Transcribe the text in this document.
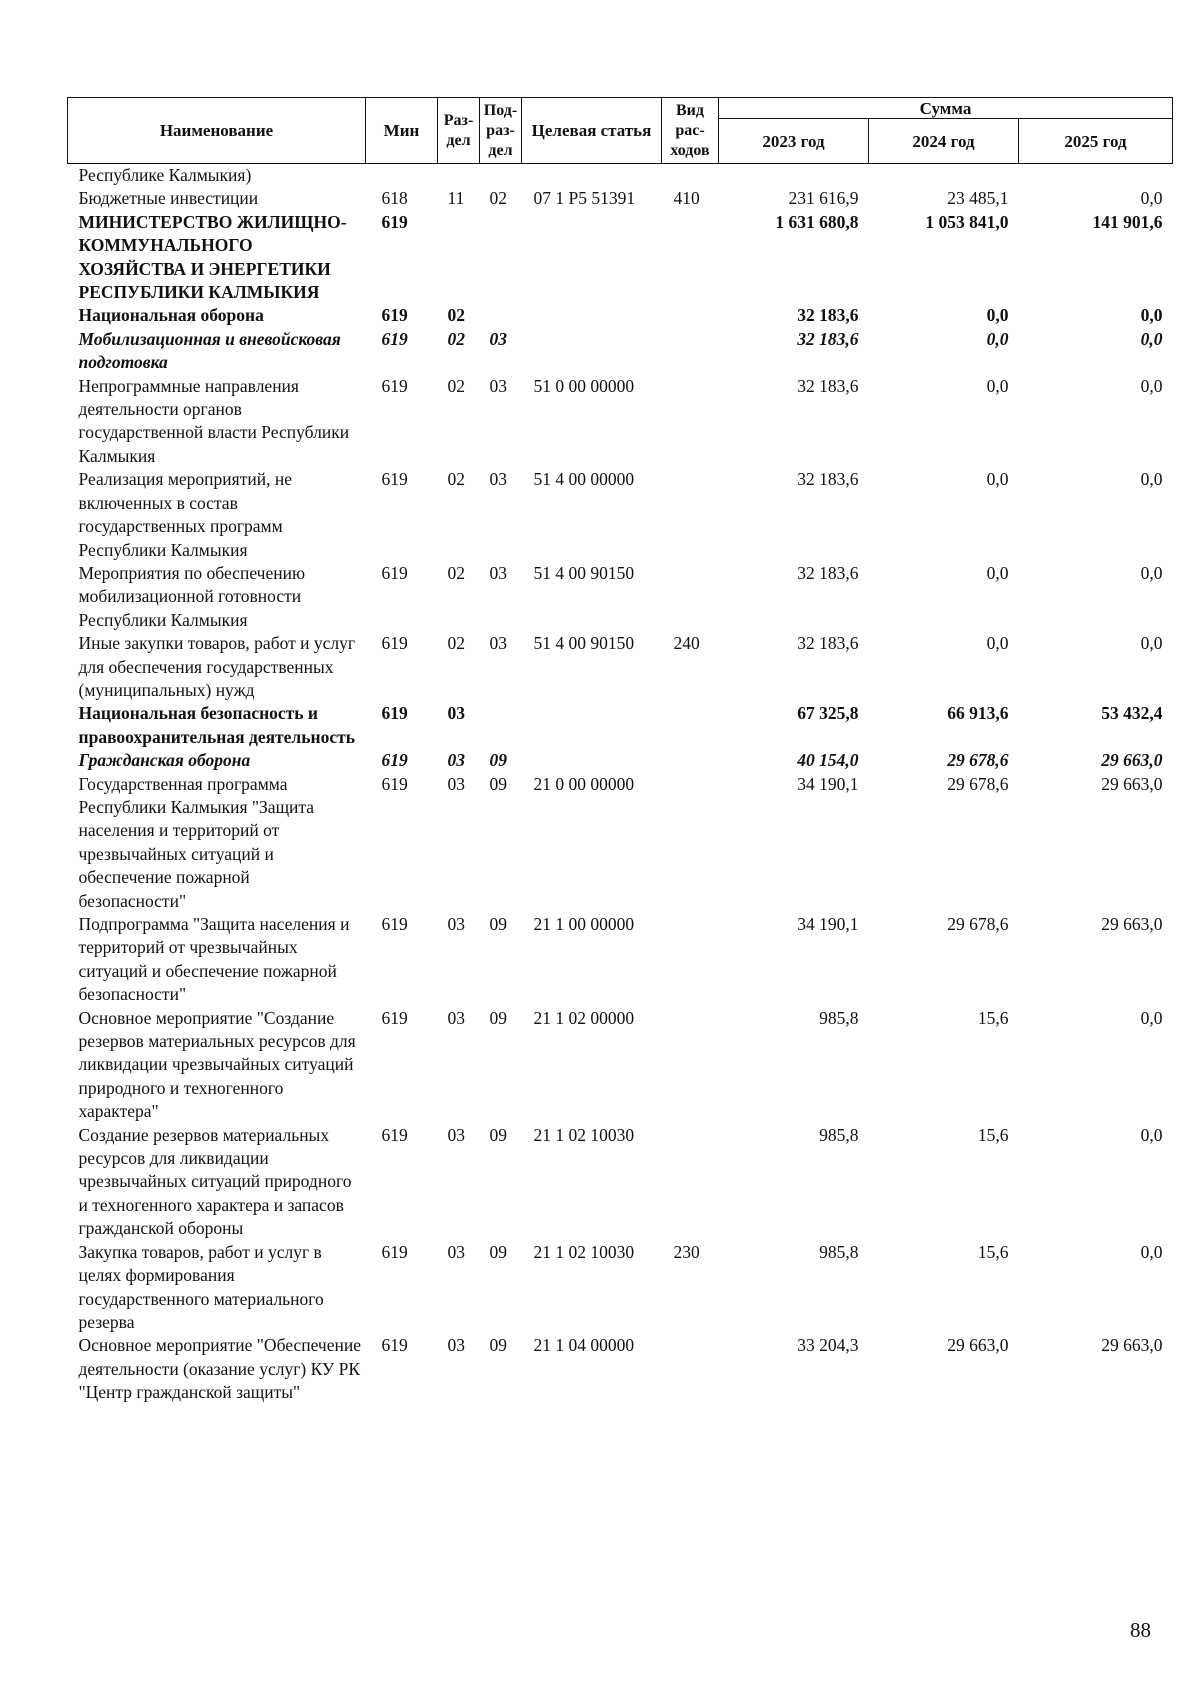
Наименование	Мин	Раз-дел	Под-раз-дел	Целевая статья	Вид рас-ходов	Сумма		
						2023 год	2024 год	2025 год
Республике Калмыкия)								
Бюджетные инвестиции	618	11	02	07 1 P5 51391	410	231 616,9	23 485,1	0,0
МИНИСТЕРСТВО ЖИЛИЩНО-КОММУНАЛЬНОГО ХОЗЯЙСТВА И ЭНЕРГЕТИКИ РЕСПУБЛИКИ КАЛМЫКИЯ	619					1 631 680,8	1 053 841,0	141 901,6
Национальная оборона	619	02				32 183,6	0,0	0,0
Мобилизационная и вневойсковая подготовка	619	02	03			32 183,6	0,0	0,0
Непрограммные направления деятельности органов государственной власти Республики Калмыкия	619	02	03	51 0 00 00000		32 183,6	0,0	0,0
Реализация мероприятий, не включенных в состав государственных программ Республики Калмыкия	619	02	03	51 4 00 00000		32 183,6	0,0	0,0
Мероприятия по обеспечению мобилизационной готовности Республики Калмыкия	619	02	03	51 4 00 90150		32 183,6	0,0	0,0
Иные закупки товаров, работ и услуг для обеспечения государственных (муниципальных) нужд	619	02	03	51 4 00 90150	240	32 183,6	0,0	0,0
Национальная безопасность и правоохранительная деятельность	619	03				67 325,8	66 913,6	53 432,4
Гражданская оборона	619	03	09			40 154,0	29 678,6	29 663,0
Государственная программа Республики Калмыкия "Защита населения и территорий от чрезвычайных ситуаций и обеспечение пожарной безопасности"	619	03	09	21 0 00 00000		34 190,1	29 678,6	29 663,0
Подпрограмма "Защита населения и территорий от чрезвычайных ситуаций и обеспечение пожарной безопасности"	619	03	09	21 1 00 00000		34 190,1	29 678,6	29 663,0
Основное мероприятие "Создание резервов материальных ресурсов для ликвидации чрезвычайных ситуаций природного и техногенного характера"	619	03	09	21 1 02 00000		985,8	15,6	0,0
Создание резервов материальных ресурсов для ликвидации чрезвычайных ситуаций природного и техногенного характера и запасов гражданской обороны	619	03	09	21 1 02 10030		985,8	15,6	0,0
Закупка товаров, работ и услуг в целях формирования государственного материального резерва	619	03	09	21 1 02 10030	230	985,8	15,6	0,0
Основное мероприятие "Обеспечение деятельности (оказание услуг) КУ РК "Центр гражданской защиты"	619	03	09	21 1 04 00000		33 204,3	29 663,0	29 663,0
88
